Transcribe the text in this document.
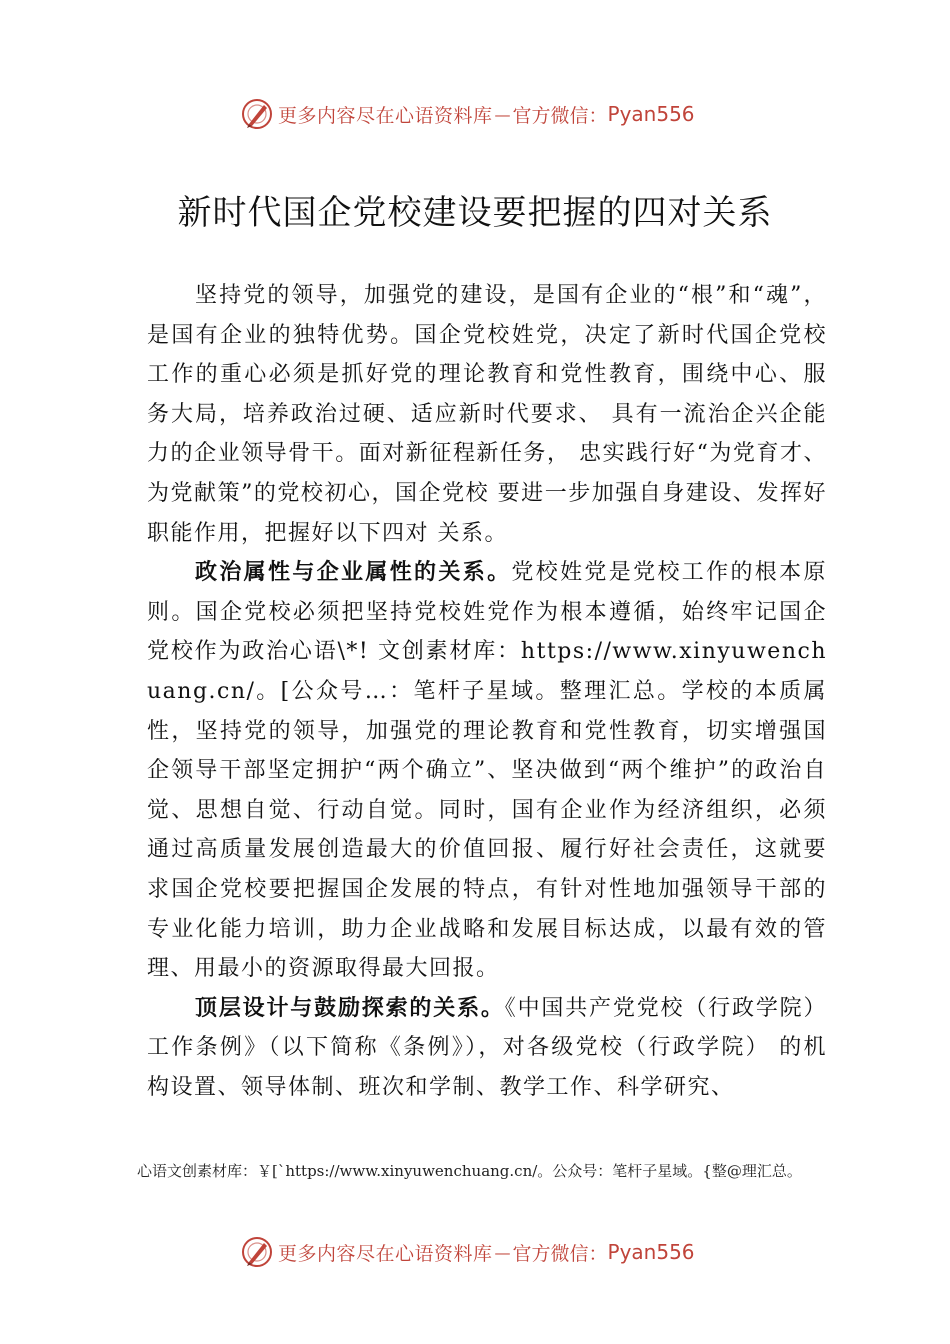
更多内容尽在心语资料库 — 官方微信： Pyan556
新时代国企党校建设要把握的四对关系

坚持党的领导，加强党的建设，是国有企业的“根”和“魂”，是国有企业的独特优势。国企党校姓党，决定了新时代国企党校工作的重心必须是抓好党的理论教育和党性教育，围绕中心、服务大局，培养政治过硬、适应新时代要求、 具有一流治企兴企能力的企业领导骨干。面对新征程新任务， 忠实践行好“为党育才、为党献策”的党校初心，国企党校 要进一步加强自身建设、发挥好职能作用，把握好以下四对 关系。

政治属性与企业属性的关系。党校姓党是党校工作的根本原则。国企党校必须把坚持党校姓党作为根本遵循，始终牢记国企党校作为政治心语\*! 文创素材库：https://www.xinyuwenchuang.cn/。[公众号…：笔杆子星域。整理汇总。学校的本质属性，坚持党的领导，加强党的理论教育和党性教育，切实增强国企领导干部坚定拥护“两个确立”、坚决做到“两个维护”的政治自觉、思想自觉、行动自觉。同时，国有企业作为经济组织，必须通过高质量发展创造最大的价值回报、履行好社会责任，这就要求国企党校要把握国企发展的特点，有针对性地加强领导干部的专业化能力培训，助力企业战略和发展目标达成，以最有效的管理、用最小的资源取得最大回报。

顶层设计与鼓励探索的关系。《中国共产党党校（行政学院）工作条例》（以下简称《条例》），对各级党校（行政学院） 的机构设置、领导体制、班次和学制、教学工作、科学研究、

心语文创素材库：￥[`https://www.xinyuwenchuang.cn/。公众号：笔杆子星域。{整@理汇总。
更多内容尽在心语资料库 — 官方微信： Pyan556
